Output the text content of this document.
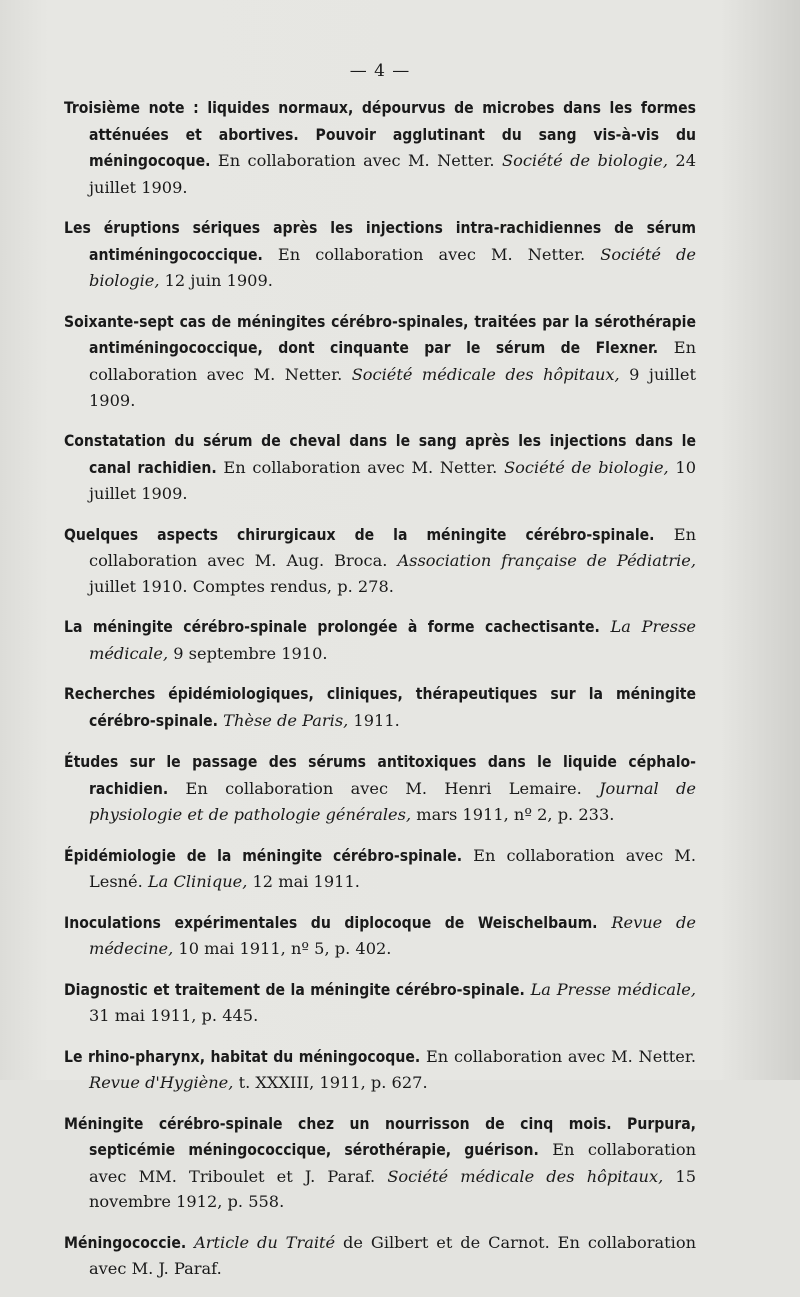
— 4 —
Troisième note : liquides normaux, dépourvus de microbes dans les formes atténuées et abortives. Pouvoir agglutinant du sang vis-à-vis du méningocoque. En collaboration avec M. Netter. Société de biologie, 24 juillet 1909.
Les éruptions sériques après les injections intra-rachidiennes de sérum antiméningococcique. En collaboration avec M. Netter. Société de biologie, 12 juin 1909.
Soixante-sept cas de méningites cérébro-spinales, traitées par la sérothérapie antiméningococcique, dont cinquante par le sérum de Flexner. En collaboration avec M. Netter. Société médicale des hôpitaux, 9 juillet 1909.
Constatation du sérum de cheval dans le sang après les injections dans le canal rachidien. En collaboration avec M. Netter. Société de biologie, 10 juillet 1909.
Quelques aspects chirurgicaux de la méningite cérébro-spinale. En collaboration avec M. Aug. Broca. Association française de Pédiatrie, juillet 1910. Comptes rendus, p. 278.
La méningite cérébro-spinale prolongée à forme cachectisante. La Presse médicale, 9 septembre 1910.
Recherches épidémiologiques, cliniques, thérapeutiques sur la méningite cérébro-spinale. Thèse de Paris, 1911.
Études sur le passage des sérums antitoxiques dans le liquide céphalo-rachidien. En collaboration avec M. Henri Lemaire. Journal de physiologie et de pathologie générales, mars 1911, nº 2, p. 233.
Épidémiologie de la méningite cérébro-spinale. En collaboration avec M. Lesné. La Clinique, 12 mai 1911.
Inoculations expérimentales du diplocoque de Weischelbaum. Revue de médecine, 10 mai 1911, nº 5, p. 402.
Diagnostic et traitement de la méningite cérébro-spinale. La Presse médicale, 31 mai 1911, p. 445.
Le rhino-pharynx, habitat du méningocoque. En collaboration avec M. Netter. Revue d'Hygiène, t. XXXIII, 1911, p. 627.
Méningite cérébro-spinale chez un nourrisson de cinq mois. Purpura, septicémie méningococcique, sérothérapie, guérison. En collaboration avec MM. Triboulet et J. Paraf. Société médicale des hôpitaux, 15 novembre 1912, p. 558.
Méningococcie. Article du Traité de Gilbert et de Carnot. En collaboration avec M. J. Paraf.
